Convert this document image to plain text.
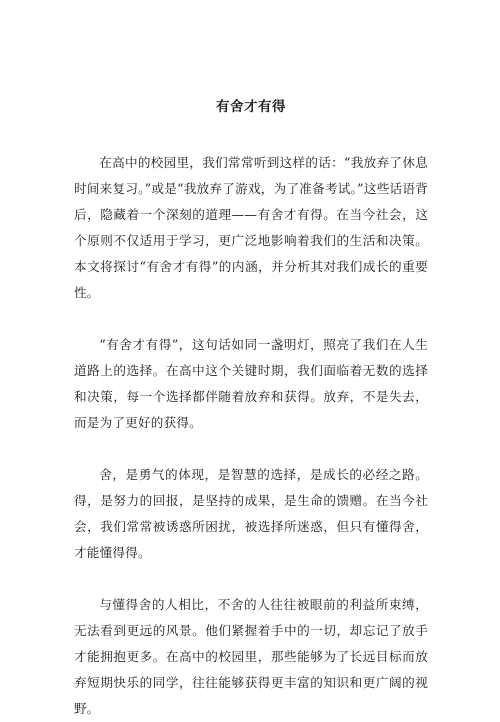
有舍才有得

在高中的校园里，我们常常听到这样的话：“我放弃了休息时间来复习。”或是“我放弃了游戏，为了准备考试。”这些话语背后，隐藏着一个深刻的道理——有舍才有得。在当今社会，这个原则不仅适用于学习，更广泛地影响着我们的生活和决策。本文将探讨“有舍才有得”的内涵，并分析其对我们成长的重要性。

“有舍才有得”，这句话如同一盏明灯，照亮了我们在人生道路上的选择。在高中这个关键时期，我们面临着无数的选择和决策，每一个选择都伴随着放弃和获得。放弃，不是失去，而是为了更好的获得。

舍，是勇气的体现，是智慧的选择，是成长的必经之路。得，是努力的回报，是坚持的成果，是生命的馈赠。在当今社会，我们常常被诱惑所困扰，被选择所迷惑，但只有懂得舍，才能懂得得。

与懂得舍的人相比，不舍的人往往被眼前的利益所束缚，无法看到更远的风景。他们紧握着手中的一切，却忘记了放手才能拥抱更多。在高中的校园里，那些能够为了长远目标而放弃短期快乐的同学，往往能够获得更丰富的知识和更广阔的视野。
